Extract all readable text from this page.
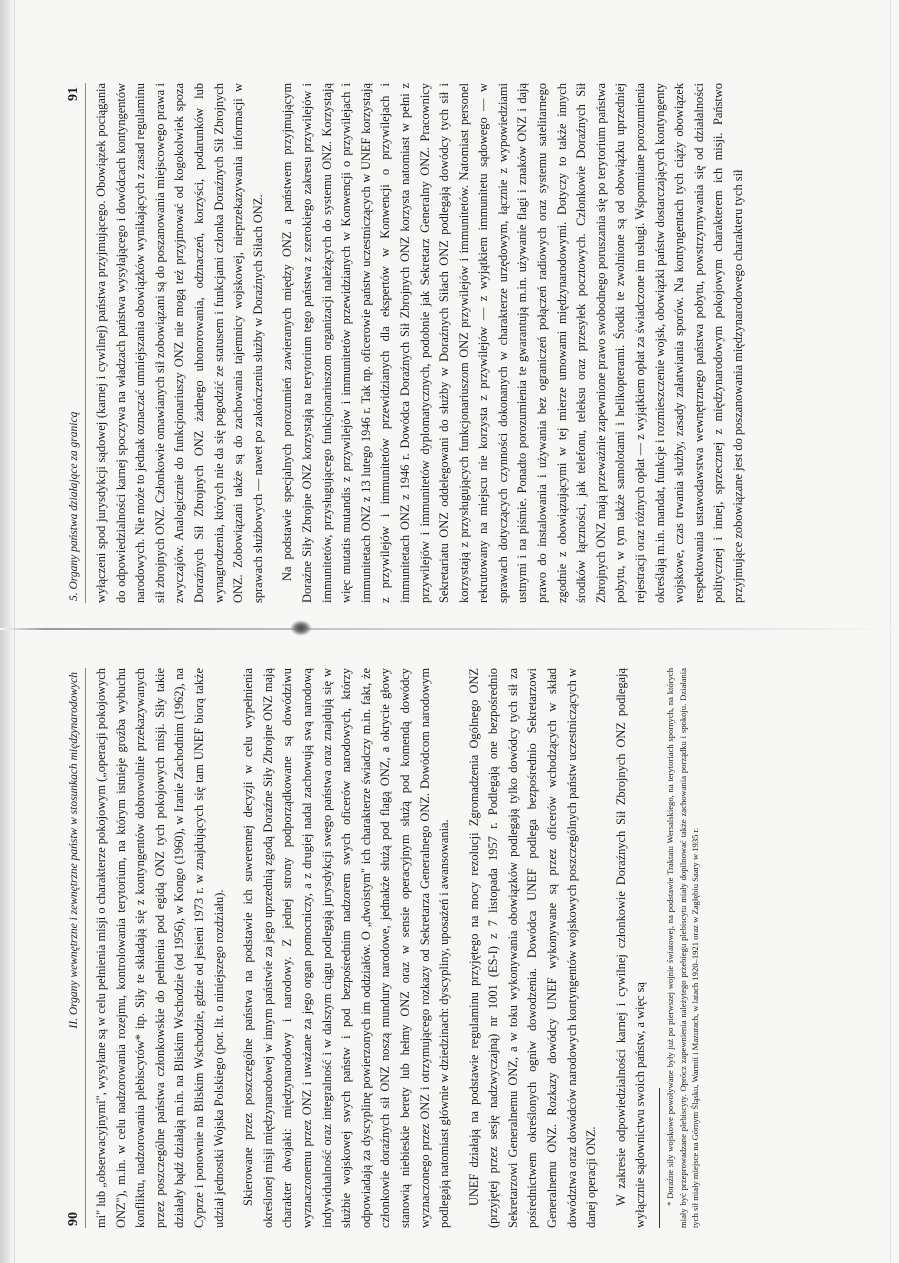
5. Organy państwa działające za granicą
91 wyłączeni spod jurysdykcji sądowej (karnej i cywilnej) państwa przyjmującego. Obowiązek pociągania do odpowiedzialności karnej spoczywa na władzach państwa wysyłającego i dowódcach kontyngentów narodowych. Nie może to jednak oznaczać umniejszania obowiązków wynikających z zasad regulaminu sił zbrojnych ONZ. Członkowie omawianych sił zobowiązani są do poszanowania miejscowego prawa i zwyczajów. Analogicznie do funkcjonariuszy ONZ nie mogą też przyjmować od kogokolwiek spoza Doraźnych Sił Zbrojnych ONZ żadnego uhonorowania, odznaczeń, korzyści, podarunków lub wynagrodzenia, których nie da się pogodzić ze statusem i funkcjami członka Doraźnych Sił Zbrojnych ONZ. Zobowiązani także są do zachowania tajemnicy wojskowej, nieprzekazywania informacji w sprawach służbowych — nawet po zakończeniu służby w Doraźnych Siłach ONZ. Na podstawie specjalnych porozumień zawieranych między ONZ a państwem przyjmującym Doraźne Siły Zbrojne ONZ korzystają na terytorium tego państwa z szerokiego zakresu przywilejów i immunitetów, przysługującego funkcjonariuszom organizacji należących do systemu ONZ. Korzystają więc mutatis mutandis z przywilejów i immunitetów przewidzianych w Konwencji o przywilejach i immunitetach ONZ z 13 lutego 1946 r. Tak np. oficerowie państw uczestniczących w UNEF korzystają z przywilejów i immunitetów przewidzianych dla ekspertów w Konwencji o przywilejach i immunitetach ONZ z 1946 r. Dowódca Doraźnych Sił Zbrojnych ONZ korzysta natomiast w pełni z przywilejów i immunitetów dyplomatycznych, podobnie jak Sekretarz Generalny ONZ. Pracownicy Sekretariatu ONZ oddelegowani do służby w Doraźnych Siłach ONZ podlegają dowódcy tych sił i korzystają z przysługujących funkcjonariuszom ONZ przywilejów i immunitetów. Natomiast personel rekrutowany na miejscu nie korzysta z przywilejów — z wyjątkiem immunitetu sądowego — w sprawach dotyczących czynności dokonanych w charakterze urzędowym, łącznie z wypowiedziami ustnymi i na piśmie. Ponadto porozumienia te gwarantują m.in. używanie flagi i znaków ONZ i dają prawo do instalowania i używania bez ograniczeń połączeń radiowych oraz systemu satelitarnego zgodnie z obowiązującymi w tej mierze umowami międzynarodowymi. Dotyczy to także innych środków łączności, jak telefonu, teleksu oraz przesyłek pocztowych. Członkowie Doraźnych Sił Zbrojnych ONZ mają przeważnie zapewnione prawo swobodnego poruszania się po terytorium państwa pobytu, w tym także samolotami i helikopterami. Środki te zwolnione są od obowiązku uprzedniej rejestracji oraz różnych opłat — z wyjątkiem opłat za świadczone im usługi. Wspomniane porozumienia określają m.in. mandat, funkcje i rozmieszczenie wojsk, obowiązki państw dostarczających kontyngenty wojskowe, czas trwania służby, zasady załatwiania sporów. Na kontyngentach tych ciąży obowiązek respektowania ustawodawstwa wewnętrznego państwa pobytu, powstrzymywania się od działalności politycznej i innej, sprzecznej z międzynarodowym pokojowym charakterem ich misji. Państwo przyjmujące zobowiązane jest do poszanowania międzynarodowego charakteru tych sił

90
II. Organy wewnętrzne i zewnętrzne państw w stosunkach międzynarodowych mi" lub „obserwacyjnymi", wysyłane są w celu pełnienia misji o charakterze pokojowym („operacji pokojowych ONZ"), m.in. w celu nadzorowania rozejmu, kontrolowania terytorium, na którym istnieje groźba wybuchu konfliktu, nadzorowania plebiscytów* itp. Siły te składają się z kontyngentów dobrowolnie przekazywanych przez poszczególne państwa członkowskie do pełnienia pod egidą ONZ tych pokojowych misji. Siły takie działały bądź działają m.in. na Bliskim Wschodzie (od 1956), w Kongo (1960), w Iranie Zachodnim (1962), na Cyprze i ponownie na Bliskim Wschodzie, gdzie od jesieni 1973 r. w znajdujących się tam UNEF biorą także udział jednostki Wojska Polskiego (por. lit. o niniejszego rozdziału). Skierowane przez poszczególne państwa na podstawie ich suwerennej decyzji w celu wypełnienia określonej misji międzynarodowej w innym państwie za jego uprzednią zgodą Doraźne Siły Zbrojne ONZ mają charakter dwojaki: międzynarodowy i narodowy. Z jednej strony podporządkowane są dowódziwu wyznaczonemu przez ONZ i uważane za jego organ pomocniczy, a z drugiej nadal zachowują swą narodową indywidualność oraz integralność i w dalszym ciągu podlegają jurysdykcji swego państwa oraz znajdują się w służbie wojskowej swych państw i pod bezpośrednim nadzorem swych oficerów narodowych, którzy odpowiadają za dyscyplinę powierzonych im oddziałów. O „dwoistym" ich charakterze świadczy m.in. fakt, że członkowie doraźnych sił ONZ noszą mundury narodowe, jednakże służą pod flagą ONZ, a okrycie głowy stanowią niebieskie berety lub hełmy ONZ oraz w sensie operacyjnym służą pod komendą dowódcy wyznaczonego przez ONZ i otrzymującego rozkazy od Sekretarza Generalnego ONZ. Dowódcom narodowym podlegają natomiast głównie w dziedzinach: dyscypliny, uposażeń i awansowania. UNEF działają na podstawie regulaminu przyjętego na mocy rezolucji Zgromadzenia Ogólnego ONZ (przyjętej przez sesję nadzwyczajną) nr 1001 (ES-I) z 7 listopada 1957 r. Podlegają one bezpośrednio Sekretarzowi Generalnemu ONZ, a w toku wykonywania obowiązków podlegają tylko dowódcy tych sił za pośrednictwem określonych ogniw dowodzenia. Dowódca UNEF podlega bezpośrednio Sekretarzowi Generalnemu ONZ. Rozkazy dowódcy UNEF wykonywane są przez oficerów wchodzących w skład dowództwa oraz dowódców narodowych kontyngentów wojskowych poszczególnych państw uczestniczących w danej operacji ONZ. W zakresie odpowiedzialności karnej i cywilnej członkowie Doraźnych Sił Zbrojnych ONZ podlegają wyłącznie sądownictwu swoich państw, a więc są	* Doraźne siły wojskowe powoływane były już po pierwszej wojnie światowej, na podstawie Traktatu Wersalskiego, na terytoriach spornych, na których miały być przeprowadzane plebiscyty. Oprócz zapewnienia należytego przebiegu plebiscytu miały dopilnować także zachowania porządku i spokoju. Działania tych sił miały miejsce na Górnym Śląsku, Warmii i Mazurach, w latach 1920–1921 oraz w Zagłębiu Saary w 1935 r.
